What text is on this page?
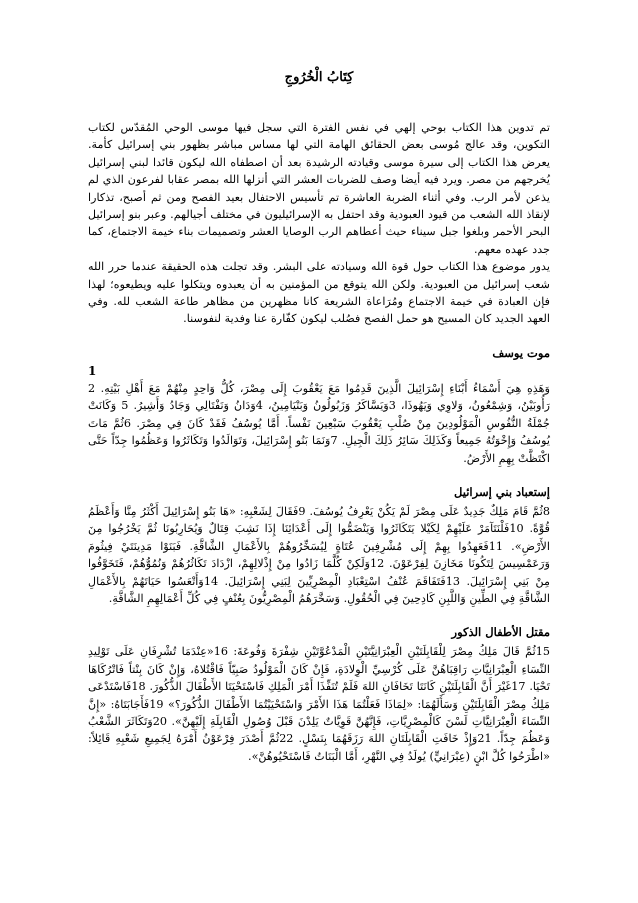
كِتَابُ الْخُرُوجِ

تم تدوين هذا الكتاب بوحي إلهي في نفس الفترة التي سجل فيها موسى الوحي المُقدّس لكتاب التكوين، وقد عالج مُوسى بعض الحقائق الهامة التي لها مساس مباشر بظهور بني إسرائيل كأمة. يعرض هذا الكتاب إلى سيرة موسى وقيادته الرشيدة بعد أن اصطفاه الله ليكون قائدا لبني إسرائيل يُخرجهم من مصر. ويرد فيه أيضا وصف للضربات العشر التي أنزلها الله بمصر عقابا لفرعون الذي لم يذعن لأمر الرب. وفي أثناء الضربة العاشرة تم تأسيس الاحتفال بعيد الفصح ومن ثم أصبح، تذكارا لإنقاذ الله الشعب من قيود العبودية وقد احتفل به الإسرائيليون في مختلف أجيالهم. وعبر بنو إسرائيل البحر الأحمر وبلغوا جبل سيناء حيث أعطاهم الرب الوصايا العشر وتصميمات بناء خيمة الاجتماع، كما جدد عهده معهم.

يدور موضوع هذا الكتاب حول قوة الله وسيادته على البشر. وقد تجلت هذه الحقيقة عندما حرر الله شعب إسرائيل من العبودية. ولكن الله يتوقع من المؤمنين به أن يعبدوه ويتكلوا عليه ويطيعوه؛ لهذا فإن العبادة في خيمة الاجتماع ومُرَاعاة الشريعة كانا مظهرين من مظاهر طاعة الشعب لله. وفي العهد الجديد كان المسيح هو حمل الفصح فصُلب ليكون كفّارة عنا وفدية لنفوسنا.

موت يوسف
1

وَهَذِهِ هِيَ أَسْمَاءُ أَبْنَاءِ إِسْرَائِيلَ الَّذِينَ قَدِمُوا مَعَ يَعْقُوبَ إِلَى مِصْرَ، كُلُّ وَاحِدٍ مِنْهُمْ مَعَ أَهْلِ بَيْتِهِ. 2 رَأُوبَيْنُ، وَشِمْعُونُ، وَلاوِي وَيَهُوذَا، 3وَيَسَّاكَرُ وَزَبُولُونُ وَبَنْيَامِينُ، 4وَدَانُ وَنَفْتَالِي وَجَادُ وَأَشِيرُ. 5 وَكَانَتْ جُمْلَةُ النُّفُوسِ الْمَوْلُودِينَ مِنْ صُلْبِ يَعْقُوبَ سَبْعِينَ نَفْساً. أَمَّا يُوسُفُ فَقَدْ كَانَ فِي مِصْرَ. 6ثُمَّ مَاتَ يُوسُفُ وَإِخْوَتُهُ جَمِيعاً وَكَذَلِكَ سَائِرُ ذَلِكَ الْجِيلِ. 7وَنَمَا بَنُو إِسْرَائِيلَ، وَتَوَالَدُوا وَتَكَاثَرُوا وَعَظُمُوا جِدّاً حَتَّى اكْتَظَّتْ بِهِمِ الأَرْضُ.

إستعباد بني إسرائيل

8ثُمَّ قَامَ مَلِكٌ جَدِيدٌ عَلَى مِصْرَ لَمْ يَكُنْ يَعْرِفُ يُوسُفَ. 9فَقَالَ لِشَعْبِهِ: «هَا بَنُو إِسْرَائِيلَ أَكْثَرُ مِنَّا وَأَعْظَمُ قُوَّةً. 10فَلْنَتَآمَرْ عَلَيْهِمْ لِكَيْلا يَتَكَاثَرُوا وَيَنْضَمُّوا إِلَى أَعْدَائِنَا إِذَا نَشِبَ قِتَالٌ وَيُحَارِبُونَا ثُمَّ يَخْرُجُوا مِنَ الأَرْضِ». 11فَعَهِدُوا بِهِمْ إِلَى مُشْرِفِينَ عُتَاةٍ لِيُسَخِّرُوهُمْ بِالأَعْمَالِ الشَّاقَّةِ. فَبَنَوْا مَدِينَتَيْ فِيثُومَ وَرَعَمْسِيسَ لِتَكُونَا مَخَازِنَ لِفِرْعَوْنَ. 12وَلَكِنْ كُلَّمَا زَادُوا مِنْ إِذْلالِهِمْ، ازْدَادَ تَكَاثُرُهُمْ وَنُمُوُّهُمْ، فَتَخَوَّفُوا مِنْ بَنِي إِسْرَائِيلَ. 13فَتَفَاقَمَ عُنْفُ اسْتِعْبَادِ الْمِصْرِيِّينَ لِبَنِي إِسْرَائِيلَ. 14وَأَتْعَسُوا حَيَاتَهُمْ بِالأَعْمَالِ الشَّاقَّةِ فِي الطِّينِ وَاللَّبِنِ كَادِحِينَ فِي الْحُقُولِ. وَسَخَّرَهُمُ الْمِصْرِيُّونَ بِعُنْفٍ فِي كُلِّ أَعْمَالِهِمِ الشَّاقَّةِ.

مقتل الأطفال الذكور

15ثُمَّ قَالَ مَلِكُ مِصْرَ لِلْقَابِلَتَيْنِ الْعِبْرَانِيَّتَيْنِ الْمَدْعُوَّتَيْنِ شِفْرَةَ وَفُوعَةَ: 16«عِنْدَمَا تُشْرِفَانِ عَلَى تَوْلِيدِ النِّسَاءِ الْعِبْرَانِيَّاتِ رَاقِبَاهُنَّ عَلَى كُرْسِيِّ الْوِلادَةِ، فَإِنْ كَانَ الْمَوْلُودُ صَبِيّاً فَاقْتُلاهُ، وَإِنْ كَانَ بِنْتاً فَاتْرُكَاهَا تَحْيَا. 17غَيْرَ أَنَّ الْقَابِلَتَيْنِ كَانَتَا تَخَافَانِ اللهَ فَلَمْ تُنَفِّذَا أَمْرَ الْمَلِكِ فَاسْتَحْيَتَا الأَطْفَالَ الذُّكُورَ. 18فَاسْتَدْعَى مَلِكُ مِصْرَ الْقَابِلَتَيْنِ وَسَأَلَهُمَا: «لِمَاذَا فَعَلْتُمَا هَذَا الأَمْرَ وَاسْتَحْيَيْتُمَا الأَطْفَالَ الذُّكُورَ؟» 19فَأَجَابَتَاهُ: «إِنَّ النِّسَاءَ الْعِبْرَانِيَّاتِ لَسْنَ كَالْمِصْرِيَّاتِ، فَإِنَّهُنَّ قَوِيَّاتٌ يَلِدْنَ قَبْلَ وُصُولِ الْقَابِلَةِ إِلَيْهِنَّ». 20وَتَكَاثَرَ الشَّعْبُ وَعَظُمَ جِدّاً. 21وَإِذْ خَافَتِ الْقَابِلَتَانِ اللهَ رَزَقَهُمَا بِنَسْلٍ. 22ثُمَّ أَصْدَرَ فِرْعَوْنُ أَمْرَهُ لِجَمِيعِ شَعْبِهِ قَائِلاً: «اطْرَحُوا كُلَّ ابْنٍ (عِبْرَانِيٍّ) يُولَدُ فِي النَّهْرِ، أَمَّا الْبَنَاتُ فَاسْتَحْيُوهُنَّ».
